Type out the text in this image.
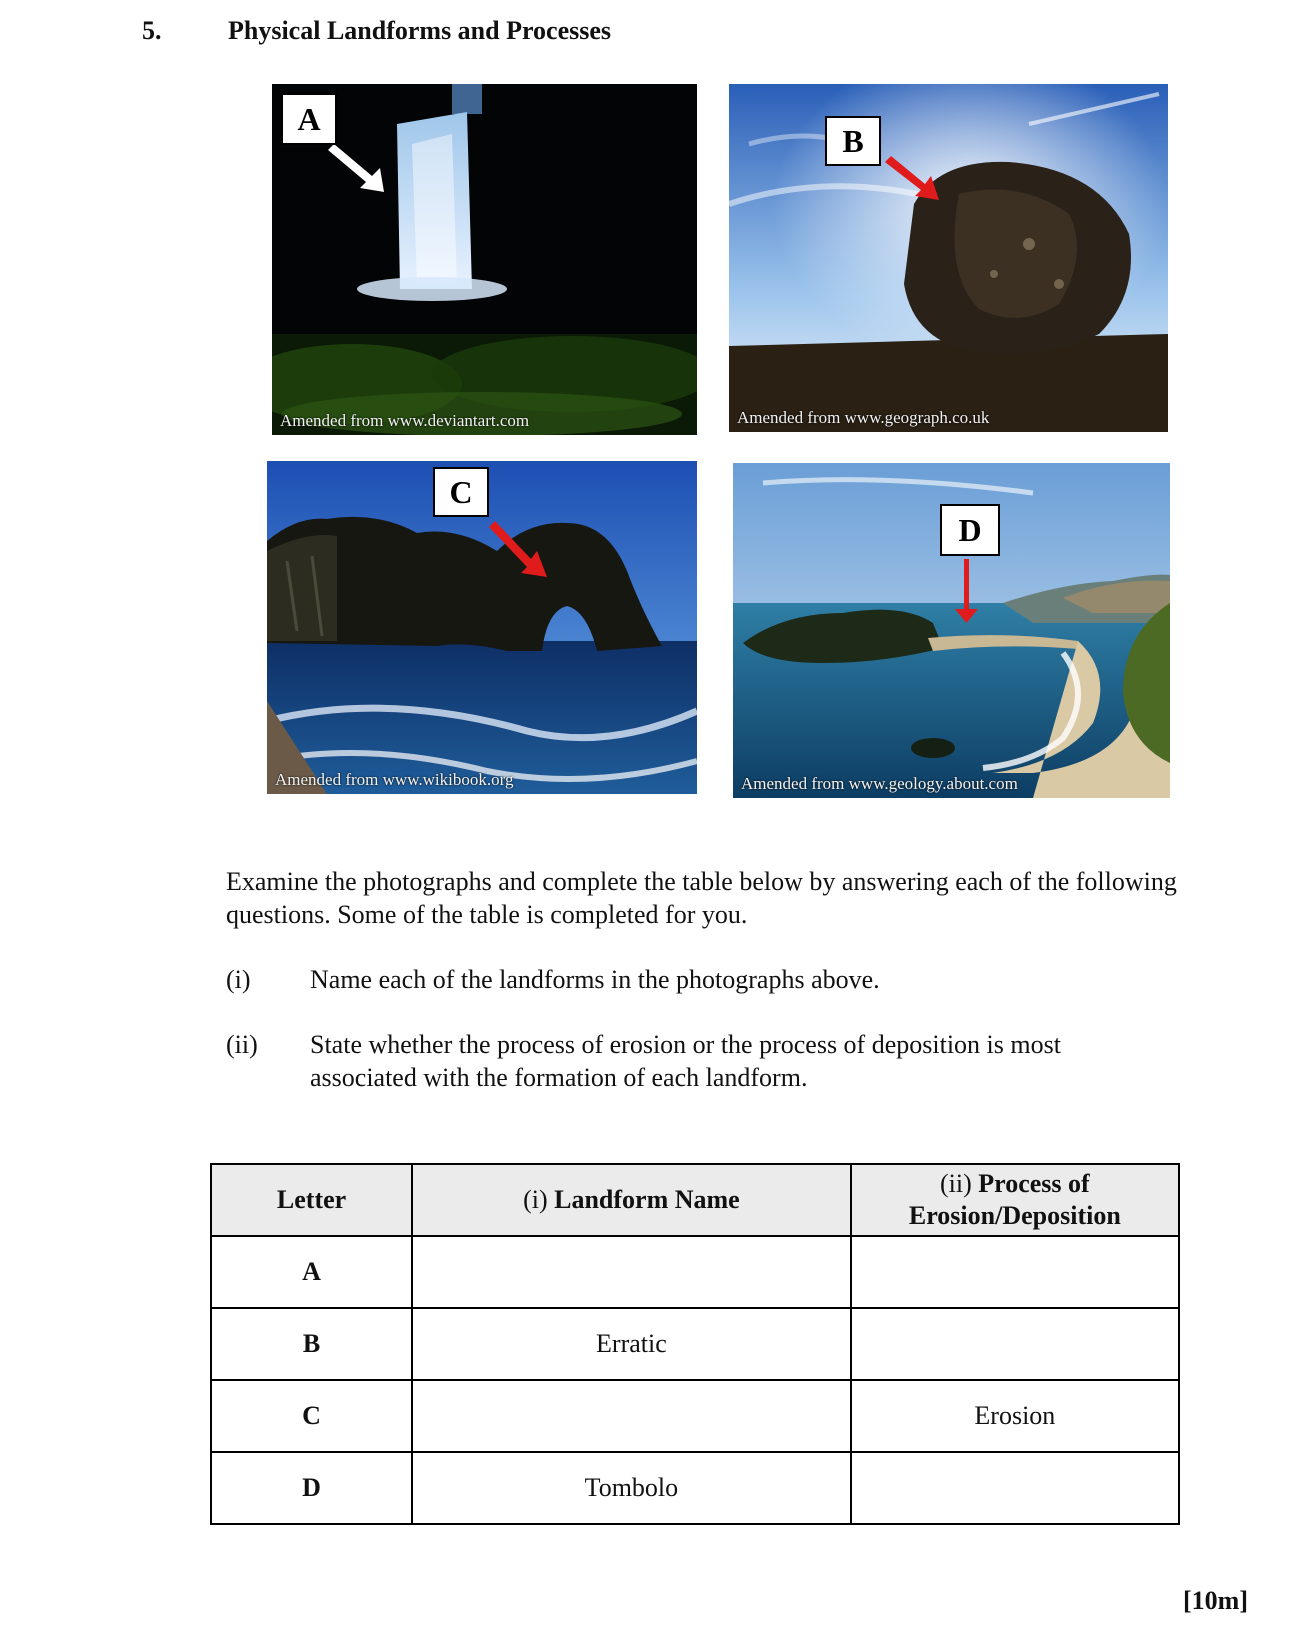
5.	Physical Landforms and Processes
A
Amended from www.deviantart.com
B
Amended from www.geograph.co.uk
C
Amended from www.wikibook.org
D
Amended from www.geology.about.com
Examine the photographs and complete the table below by answering each of the following questions. Some of the table is completed for you.
(i) Name each of the landforms in the photographs above.
(ii) State whether the process of erosion or the process of deposition is most associated with the formation of each landform.
Letter	(i) Landform Name	(ii) Process of
Erosion/Deposition
A		
B	Erratic	
C		Erosion
D	Tombolo	
[10m]
